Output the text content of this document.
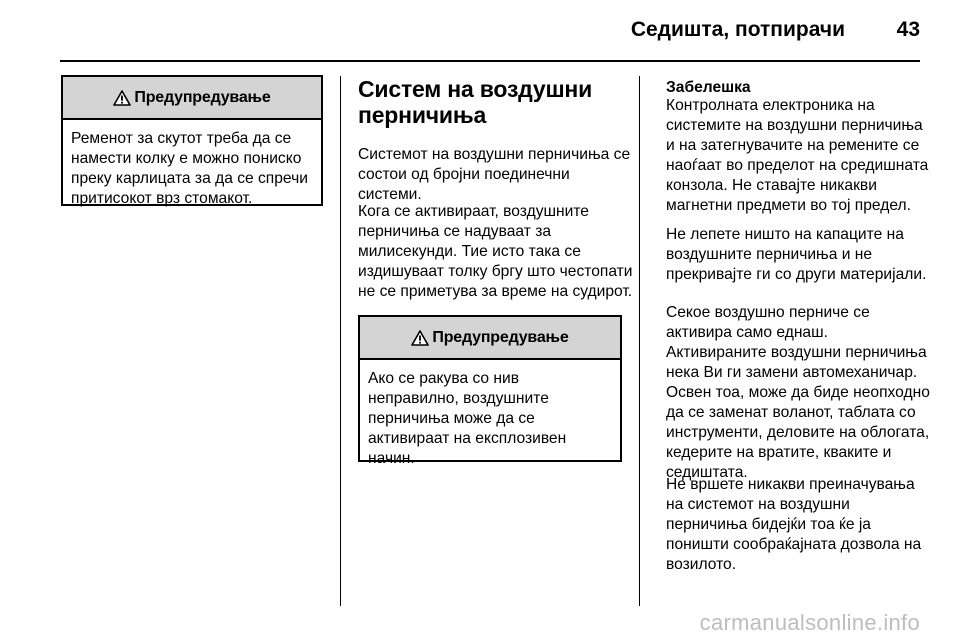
Седишта, потпирачи 43
Предупредување
Ременот за скутот треба да се намести колку е можно пониско преку карлицата за да се спречи притисокот врз стомакот.
Систем на воздушни перничиња
Системот на воздушни перничиња се состои од бројни поединечни системи.
Кога се активираат, воздушните перничиња се надуваат за милисекунди. Тие исто така се издишуваат толку бргу што честопати не се приметува за време на судирот.
Предупредување
Ако се ракува со нив неправилно, воздушните перничиња може да се активираат на експлозивен начин.
Забелешка
Контролната електроника на системите на воздушни перничиња и на затегнувачите на ремените се наоѓаат во пределот на средишната конзола. Не ставајте никакви магнетни предмети во тој предел.
Не лепете ништо на капаците на воздушните перничиња и не прекривајте ги со други материјали.
Секое воздушно перниче се активира само еднаш. Активираните воздушни перничиња нека Ви ги замени автомеханичар. Освен тоа, може да биде неопходно да се заменат воланот, таблата со инструменти, деловите на облогата, кедерите на вратите, кваките и седиштата.
Не вршете никакви преиначувања на системот на воздушни перничиња бидејќи тоа ќе ја поништи сообраќајната дозвола на возилото.
carmanualsonline.info
